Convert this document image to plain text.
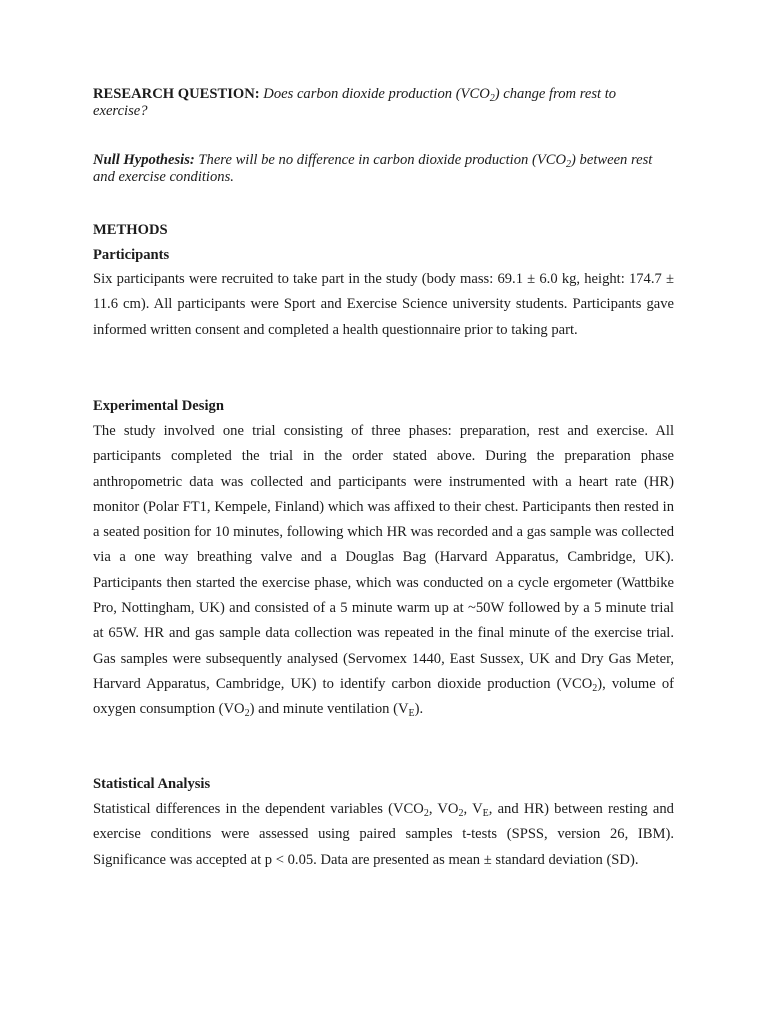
RESEARCH QUESTION: Does carbon dioxide production $(VCO_2)$ change from rest to exercise?
Null Hypothesis: There will be no difference in carbon dioxide production $(VCO_2)$ between rest and exercise conditions.
METHODS
Participants
Six participants were recruited to take part in the study (body mass: 69.1 ± 6.0 kg, height: 174.7 ± 11.6 cm). All participants were Sport and Exercise Science university students. Participants gave informed written consent and completed a health questionnaire prior to taking part.
Experimental Design
The study involved one trial consisting of three phases: preparation, rest and exercise. All participants completed the trial in the order stated above. During the preparation phase anthropometric data was collected and participants were instrumented with a heart rate (HR) monitor (Polar FT1, Kempele, Finland) which was affixed to their chest. Participants then rested in a seated position for 10 minutes, following which HR was recorded and a gas sample was collected via a one way breathing valve and a Douglas Bag (Harvard Apparatus, Cambridge, UK). Participants then started the exercise phase, which was conducted on a cycle ergometer (Wattbike Pro, Nottingham, UK) and consisted of a 5 minute warm up at ~50W followed by a 5 minute trial at 65W. HR and gas sample data collection was repeated in the final minute of the exercise trial. Gas samples were subsequently analysed (Servomex 1440, East Sussex, UK and Dry Gas Meter, Harvard Apparatus, Cambridge, UK) to identify carbon dioxide production $(VCO_2)$, volume of oxygen consumption $(VO_2)$ and minute ventilation $(V_E)$.
Statistical Analysis
Statistical differences in the dependent variables ($VCO_2$, $VO_2$, $V_E$, and HR) between resting and exercise conditions were assessed using paired samples t-tests (SPSS, version 26, IBM). Significance was accepted at p < 0.05. Data are presented as mean ± standard deviation (SD).
